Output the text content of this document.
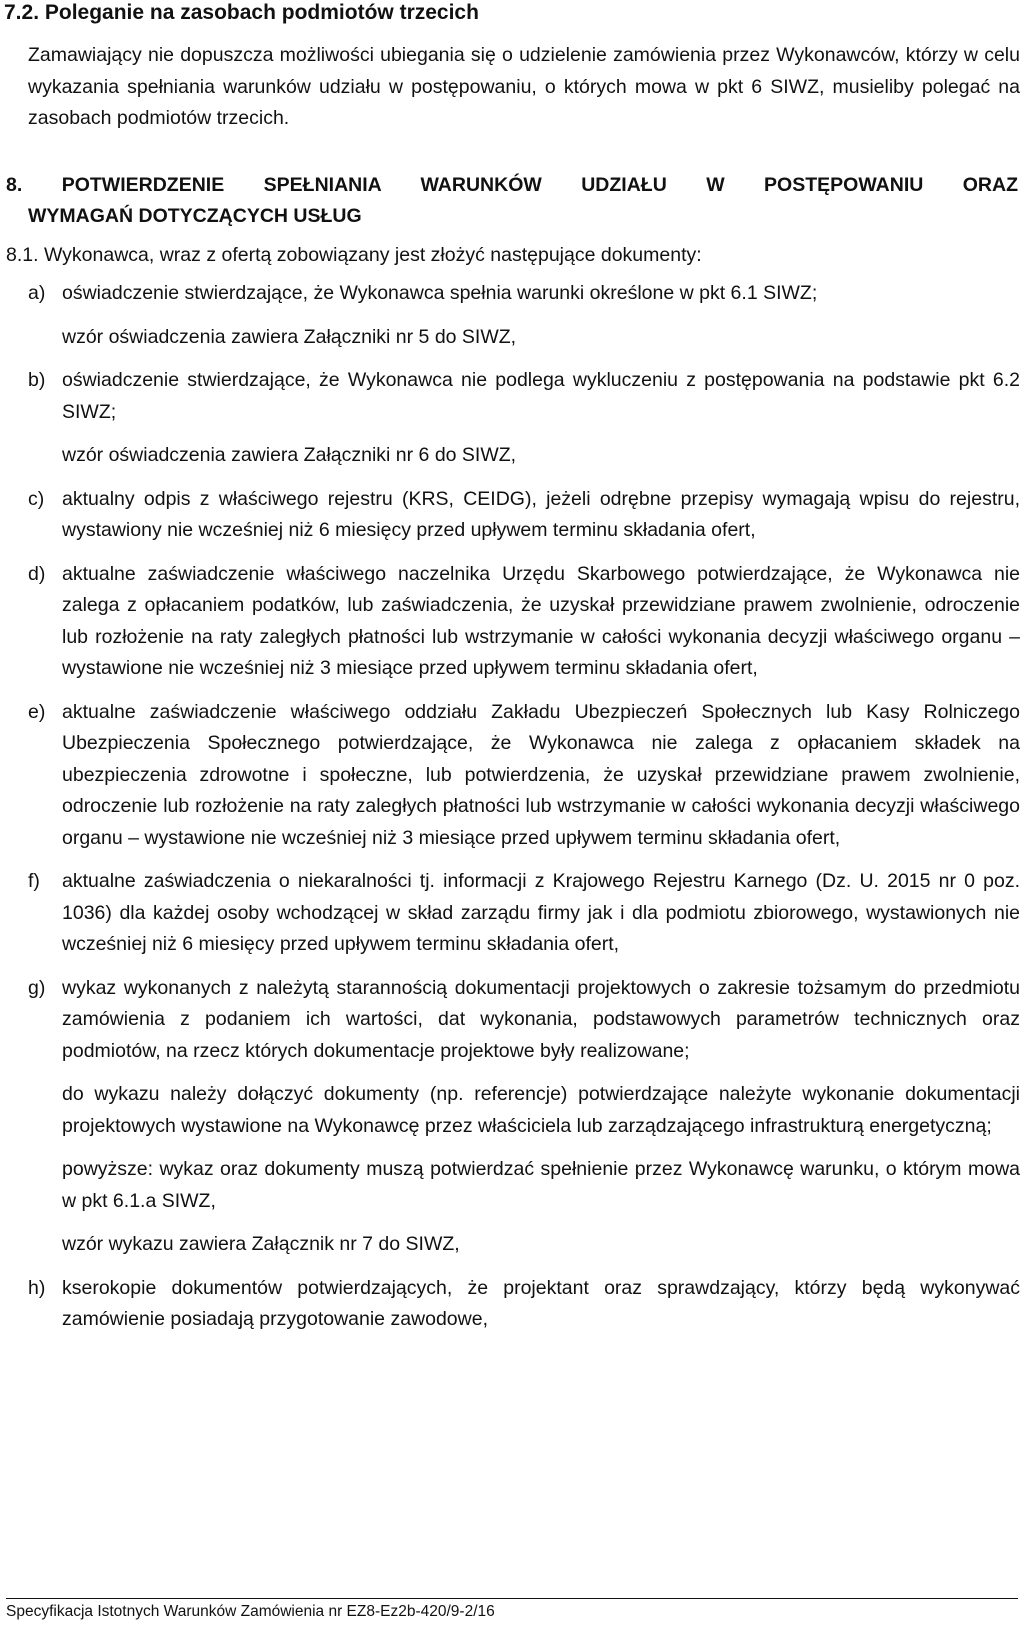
7.2. Poleganie na zasobach podmiotów trzecich
Zamawiający nie dopuszcza możliwości ubiegania się o udzielenie zamówienia przez Wykonawców, którzy w celu wykazania spełniania warunków udziału w postępowaniu, o których mowa w pkt 6 SIWZ, musieliby polegać na zasobach podmiotów trzecich.
8. POTWIERDZENIE SPEŁNIANIA WARUNKÓW UDZIAŁU W POSTĘPOWANIU ORAZ
WYMAGAŃ DOTYCZĄCYCH USŁUG
8.1. Wykonawca, wraz z ofertą zobowiązany jest złożyć następujące dokumenty:
a) oświadczenie stwierdzające, że Wykonawca spełnia warunki określone w pkt 6.1 SIWZ;

wzór oświadczenia zawiera Załączniki nr 5 do SIWZ,

b) oświadczenie stwierdzające, że Wykonawca nie podlega wykluczeniu z postępowania na podstawie pkt 6.2 SIWZ;

wzór oświadczenia zawiera Załączniki nr 6 do SIWZ,

c) aktualny odpis z właściwego rejestru (KRS, CEIDG), jeżeli odrębne przepisy wymagają wpisu do rejestru, wystawiony nie wcześniej niż 6 miesięcy przed upływem terminu składania ofert,

d) aktualne zaświadczenie właściwego naczelnika Urzędu Skarbowego potwierdzające, że Wykonawca nie zalega z opłacaniem podatków, lub zaświadczenia, że uzyskał przewidziane prawem zwolnienie, odroczenie lub rozłożenie na raty zaległych płatności lub wstrzymanie w całości wykonania decyzji właściwego organu – wystawione nie wcześniej niż 3 miesiące przed upływem terminu składania ofert,

e) aktualne zaświadczenie właściwego oddziału Zakładu Ubezpieczeń Społecznych lub Kasy Rolniczego Ubezpieczenia Społecznego potwierdzające, że Wykonawca nie zalega z opłacaniem składek na ubezpieczenia zdrowotne i społeczne, lub potwierdzenia, że uzyskał przewidziane prawem zwolnienie, odroczenie lub rozłożenie na raty zaległych płatności lub wstrzymanie w całości wykonania decyzji właściwego organu – wystawione nie wcześniej niż 3 miesiące przed upływem terminu składania ofert,

f) aktualne zaświadczenia o niekaralności tj. informacji z Krajowego Rejestru Karnego (Dz. U. 2015 nr 0 poz. 1036) dla każdej osoby wchodzącej w skład zarządu firmy jak i dla podmiotu zbiorowego, wystawionych nie wcześniej niż 6 miesięcy przed upływem terminu składania ofert,

g) wykaz wykonanych z należytą starannością dokumentacji projektowych o zakresie tożsamym do przedmiotu zamówienia z podaniem ich wartości, dat wykonania, podstawowych parametrów technicznych oraz podmiotów, na rzecz których dokumentacje projektowe były realizowane;

do wykazu należy dołączyć dokumenty (np. referencje) potwierdzające należyte wykonanie dokumentacji projektowych wystawione na Wykonawcę przez właściciela lub zarządzającego infrastrukturą energetyczną;

powyższe: wykaz oraz dokumenty muszą potwierdzać spełnienie przez Wykonawcę warunku, o którym mowa w pkt 6.1.a SIWZ,

wzór wykazu zawiera Załącznik nr 7 do SIWZ,

h) kserokopie dokumentów potwierdzających, że projektant oraz sprawdzający, którzy będą wykonywać zamówienie posiadają przygotowanie zawodowe,

Specyfikacja Istotnych Warunków Zamówienia nr EZ8-Ez2b-420/9-2/16
